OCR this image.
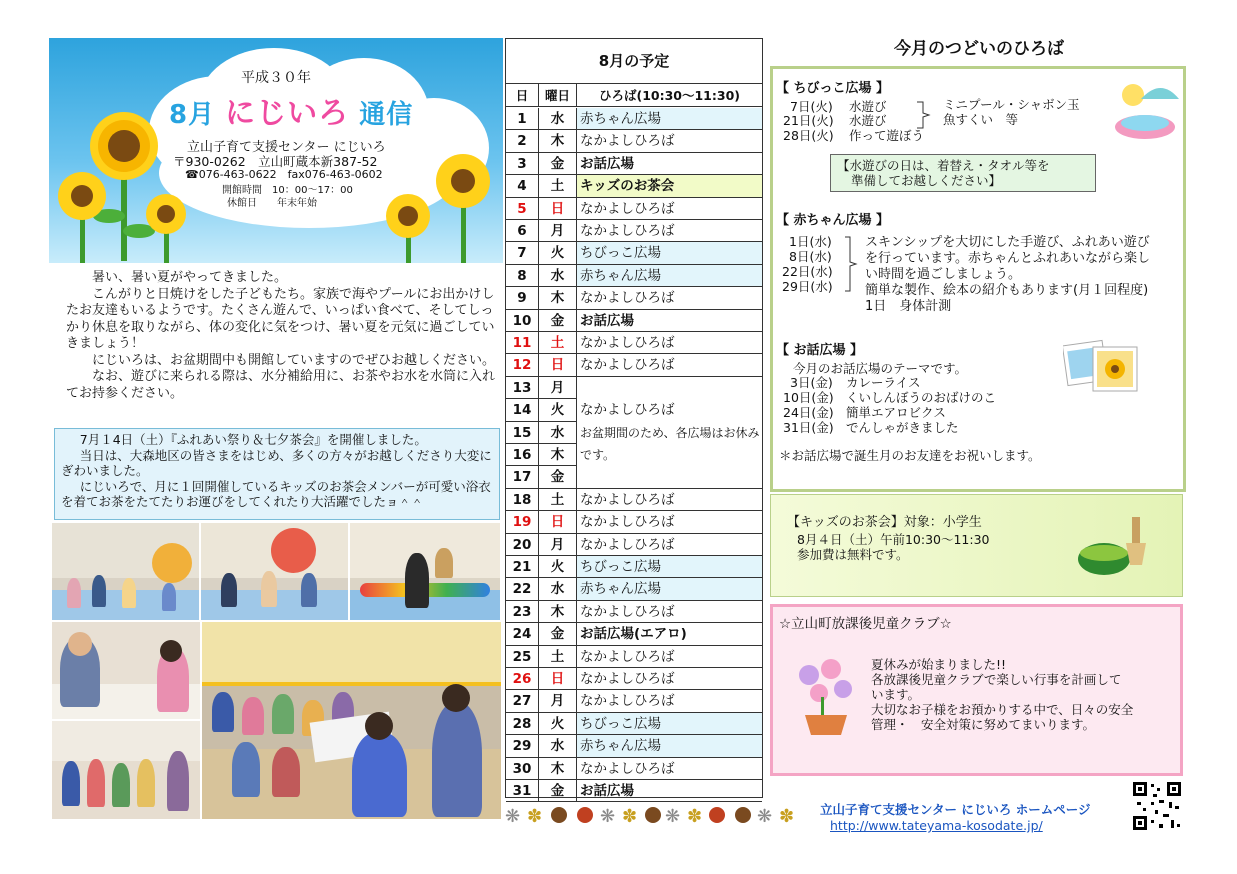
平成３０年
8月 にじいろ 通信
立山子育て支援センター にじいろ
〒930-0262　立山町蔵本新387-52
☎076-463-0622　fax076-463-0602
開館時間　10：00～17：00
休館日　　年末年始

暑い、暑い夏がやってきました。

こんがりと日焼けをした子どもたち。家族で海やプールにお出かけしたお友達もいるようです。たくさん遊んで、いっぱい食べて、そしてしっかり休息を取りながら、体の変化に気をつけ、暑い夏を元気に過ごしていきましょう！

にじいろは、お盆期間中も開館していますのでぜひお越しください。

なお、遊びに来られる際は、水分補給用に、お茶やお水を水筒に入れてお持参ください。

7月１4日（土）『ふれあい祭り＆七夕茶会』を開催しました。

当日は、大森地区の皆さまをはじめ、多くの方々がお越しくださり大変にぎわいました。

にじいろで、月に１回開催しているキッズのお茶会メンバーが可愛い浴衣を着てお茶をたてたりお運びをしてくれたり大活躍でしたョ＾＾

8月の予定
日	曜日	ひろば(10:30～11:30)
1	水	赤ちゃん広場
2	木	なかよしひろば
3	金	お話広場
4	土	キッズのお茶会
5	日	なかよしひろば
6	月	なかよしひろば
7	火	ちびっこ広場
8	水	赤ちゃん広場
9	木	なかよしひろば
10	金	お話広場
11	土	なかよしひろば
12	日	なかよしひろば
13	月
14	火	なかよしひろば
15	水
16	木
17	金
18	土	なかよしひろば
19	日	なかよしひろば
20	月	なかよしひろば
21	火	ちびっこ広場
22	水	赤ちゃん広場
23	木	なかよしひろば
24	金	お話広場(エアロ)
25	土	なかよしひろば
26	日	なかよしひろば
27	月	なかよしひろば
28	火	ちびっこ広場
29	水	赤ちゃん広場
30	木	なかよしひろば
31	金	お話広場
お盆期間のため、各広場はお休みです。
今月のつどいのひろば
【 ちびっこ広場 】
7日(火) 水遊び
21日(火) 水遊び
28日(火) 作って遊ぼう
ミニプール・シャボン玉
魚すくい　等
【水遊びの日は、着替え・タオル等を
準備してお越しください】
【 赤ちゃん広場 】
1日(水)
8日(水)
22日(水)
29日(水)
スキンシップを大切にした手遊び、ふれあい遊び
を行っています。赤ちゃんとふれあいながら楽し
い時間を過ごしましょう。
簡単な製作、絵本の紹介もあります(月１回程度)
1日　身体計測
【 お話広場 】
今月のお話広場のテーマです。
3日(金) カレーライス
10日(金) くいしんぼうのおばけのこ
24日(金) 簡単エアロビクス
31日(金) でんしゃがきました
＊お話広場で誕生月のお友達をお祝いします。
【キッズのお茶会】対象：小学生
8月４日（土）午前10:30～11:30
参加費は無料です。
☆立山町放課後児童クラブ☆
夏休みが始まりました!!
各放課後児童クラブで楽しい行事を計画して
います。
大切なお子様をお預かりする中で、日々の安全
管理・　安全対策に努めてまいります。
❋ ✽	❋ ✽ ❋ ✽	❋ ✽ 立山子育て支援センター にじいろ ホームページ
http://www.tateyama-kosodate.jp/
